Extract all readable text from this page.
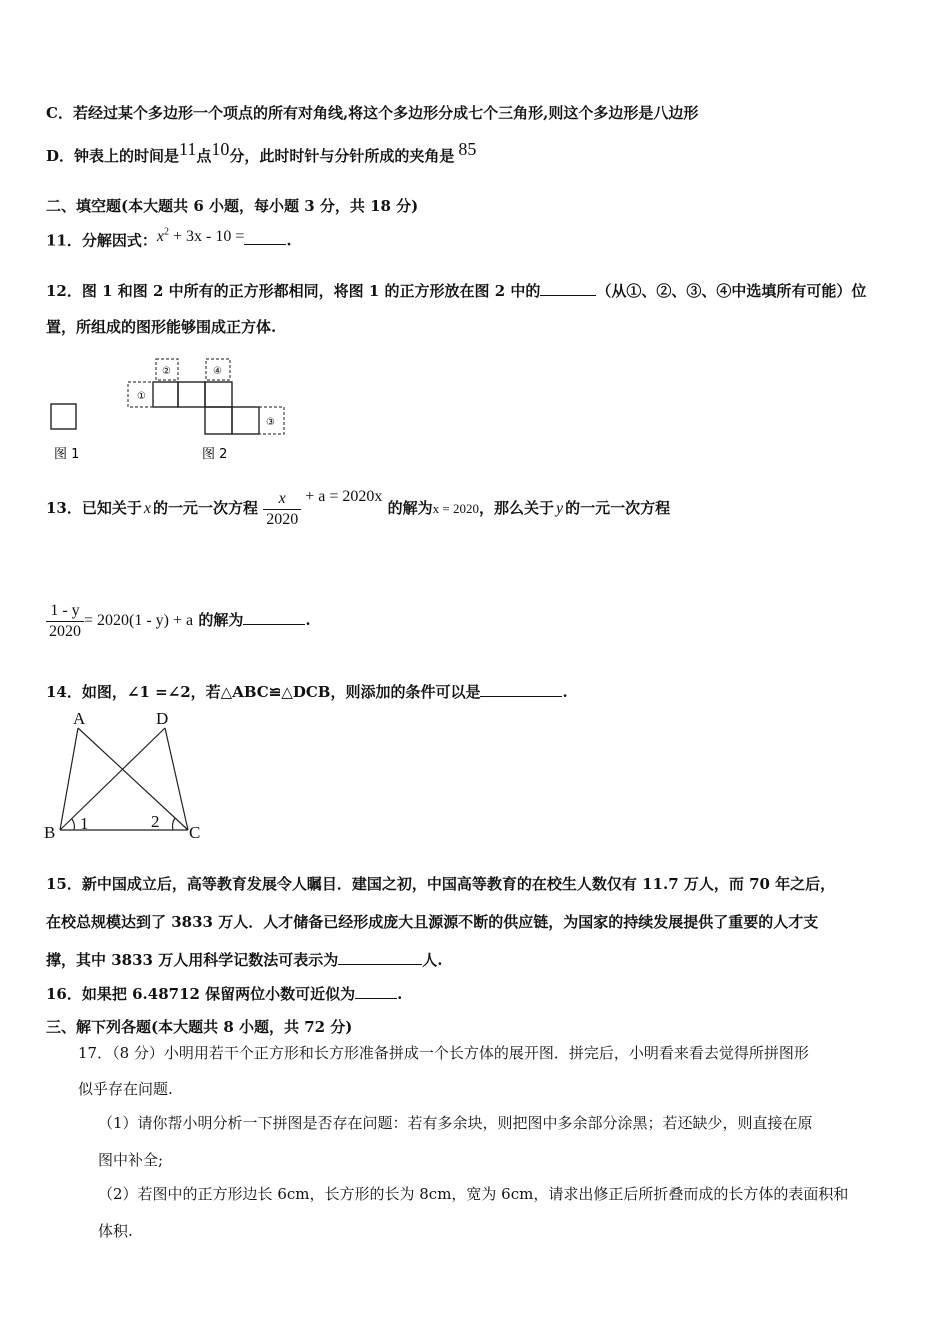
C．若经过某个多边形一个项点的所有对角线,将这个多边形分成七个三角形,则这个多边形是八边形
D．钟表上的时间是11点10分，此时时针与分针所成的夹角是 85
二、填空题(本大题共 6 小题，每小题 3 分，共 18 分)
11．分解因式：$x^2 + 3x - 10$ =	.
12．图 1 和图 2 中所有的正方形都相同，将图 1 的正方形放在图 2 中的	（从①、②、③、④中选填所有可能）位
置，所组成的图形能够围成正方体.
①
②	④
③
图 1	图 2
13．已知关于 x 的一元一次方程 $\frac{x}{2020} + a = 2020x$ 的解为x = 2020，那么关于 y 的一元一次方程
$\frac{1 - y}{2020} = 2020(1 - y) + a$ 的解为	.
14．如图，∠1 =∠2，若△ABC≌△DCB，则添加的条件可以是	.
A	D
B	C
1	2
15．新中国成立后，高等教育发展令人瞩目．建国之初，中国高等教育的在校生人数仅有 11.7 万人，而 70 年之后，
在校总规模达到了 3833 万人．人才储备已经形成庞大且源源不断的供应链，为国家的持续发展提供了重要的人才支
撑，其中 3833 万人用科学记数法可表示为	人.
16．如果把 6.48712 保留两位小数可近似为	.
三、解下列各题(本大题共 8 小题，共 72 分)
17．（8 分）小明用若干个正方形和长方形准备拼成一个长方体的展开图．拼完后，小明看来看去觉得所拼图形
似乎存在问题.
（1）请你帮小明分析一下拼图是否存在问题：若有多余块，则把图中多余部分涂黑；若还缺少，则直接在原
图中补全;
（2）若图中的正方形边长 6cm，长方形的长为 8cm，宽为 6cm，请求出修正后所折叠而成的长方体的表面积和
体积.
